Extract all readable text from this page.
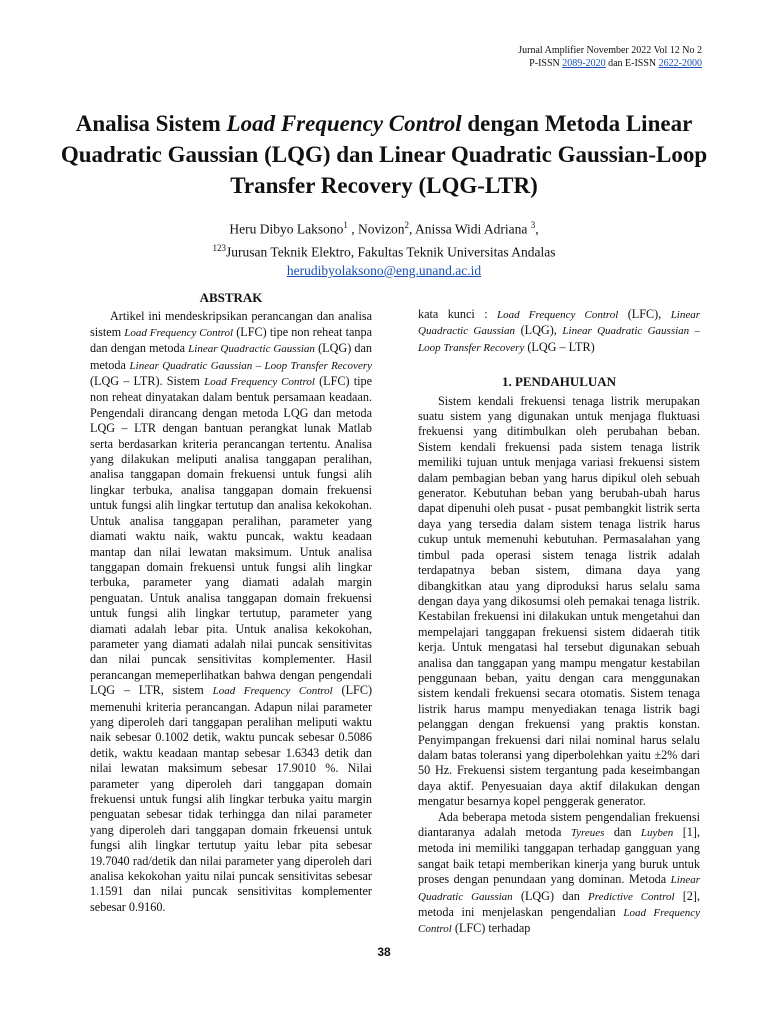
Jurnal Amplifier November 2022 Vol 12 No 2
P-ISSN 2089-2020 dan E-ISSN 2622-2000
Analisa Sistem Load Frequency Control dengan Metoda Linear Quadratic Gaussian (LQG) dan Linear Quadratic Gaussian-Loop Transfer Recovery (LQG-LTR)
Heru Dibyo Laksono$^1$ , Novizon$^2$, Anissa Widi Adriana $^3$,
$^{123}$Jurusan Teknik Elektro, Fakultas Teknik Universitas Andalas
herudibyolaksono@eng.unand.ac.id
ABSTRAK

Artikel ini mendeskripsikan perancangan dan analisa sistem Load Frequency Control (LFC) tipe non reheat tanpa dan dengan metoda Linear Quadractic Gaussian (LQG) dan metoda Linear Quadratic Gaussian – Loop Transfer Recovery (LQG – LTR). Sistem Load Frequency Control (LFC) tipe non reheat dinyatakan dalam bentuk persamaan keadaan. Pengendali dirancang dengan metoda LQG dan metoda LQG – LTR dengan bantuan perangkat lunak Matlab serta berdasarkan kriteria perancangan tertentu. Analisa yang dilakukan meliputi analisa tanggapan peralihan, analisa tanggapan domain frekuensi untuk fungsi alih lingkar terbuka, analisa tanggapan domain frekuensi untuk fungsi alih lingkar tertutup dan analisa kekokohan. Untuk analisa tanggapan peralihan, parameter yang diamati waktu naik, waktu puncak, waktu keadaan mantap dan nilai lewatan maksimum. Untuk analisa tanggapan domain frekuensi untuk fungsi alih lingkar terbuka, parameter yang diamati adalah margin penguatan. Untuk analisa tanggapan domain frekuensi untuk fungsi alih lingkar tertutup, parameter yang diamati adalah lebar pita. Untuk analisa kekokohan, parameter yang diamati adalah nilai puncak sensitivitas dan nilai puncak sensitivitas komplementer. Hasil perancangan memeperlihatkan bahwa dengan pengendali LQG – LTR, sistem Load Frequency Control (LFC) memenuhi kriteria perancangan. Adapun nilai parameter yang diperoleh dari tanggapan peralihan meliputi waktu naik sebesar 0.1002 detik, waktu puncak sebesar 0.5086 detik, waktu keadaan mantap sebesar 1.6343 detik dan nilai lewatan maksimum sebesar 17.9010 %. Nilai parameter yang diperoleh dari tanggapan domain frekuensi untuk fungsi alih lingkar terbuka yaitu margin penguatan sebesar tidak terhingga dan nilai parameter yang diperoleh dari tanggapan domain frkeuensi untuk fungsi alih lingkar tertutup yaitu lebar pita sebesar 19.7040 rad/detik dan nilai parameter yang diperoleh dari analisa kekokohan yaitu nilai puncak sensitivitas sebesar 1.1591 dan nilai puncak sensitivitas komplementer sebesar 0.9160.

kata kunci : Load Frequency Control (LFC), Linear Quadractic Gaussian (LQG), Linear Quadratic Gaussian – Loop Transfer Recovery (LQG – LTR)

1. PENDAHULUAN

Sistem kendali frekuensi tenaga listrik merupakan suatu sistem yang digunakan untuk menjaga fluktuasi frekuensi yang ditimbulkan oleh perubahan beban. Sistem kendali frekuensi pada sistem tenaga listrik memiliki tujuan untuk menjaga variasi frekuensi sistem dalam pembagian beban yang harus dipikul oleh sebuah generator. Kebutuhan beban yang berubah-ubah harus dapat dipenuhi oleh pusat - pusat pembangkit listrik serta daya yang tersedia dalam sistem tenaga listrik harus cukup untuk memenuhi kebutuhan. Permasalahan yang timbul pada operasi sistem tenaga listrik adalah terdapatnya beban sistem, dimana daya yang dibangkitkan atau yang diproduksi harus selalu sama dengan daya yang dikosumsi oleh pemakai tenaga listrik. Kestabilan frekuensi ini dilakukan untuk mengetahui dan mempelajari tanggapan frekuensi sistem didaerah titik kerja. Untuk mengatasi hal tersebut digunakan sebuah analisa dan tanggapan yang mampu mengatur kestabilan penggunaan beban, yaitu dengan cara menggunakan sistem kendali frekuensi secara otomatis. Sistem tenaga listrik harus mampu menyediakan tenaga listrik bagi pelanggan dengan frekuensi yang praktis konstan. Penyimpangan frekuensi dari nilai nominal harus selalu dalam batas toleransi yang diperbolehkan yaitu ±2% dari 50 Hz. Frekuensi sistem tergantung pada keseimbangan daya aktif. Penyesuaian daya aktif dilakukan dengan mengatur besarnya kopel penggerak generator.

Ada beberapa metoda sistem pengendalian frekuensi diantaranya adalah metoda Tyreues dan Luyben [1], metoda ini memiliki tanggapan terhadap gangguan yang sangat baik tetapi memberikan kinerja yang buruk untuk proses dengan penundaan yang dominan. Metoda Linear Quadratic Gaussian (LQG) dan Predictive Control [2], metoda ini menjelaskan pengendalian Load Frequency Control (LFC) terhadap

38
